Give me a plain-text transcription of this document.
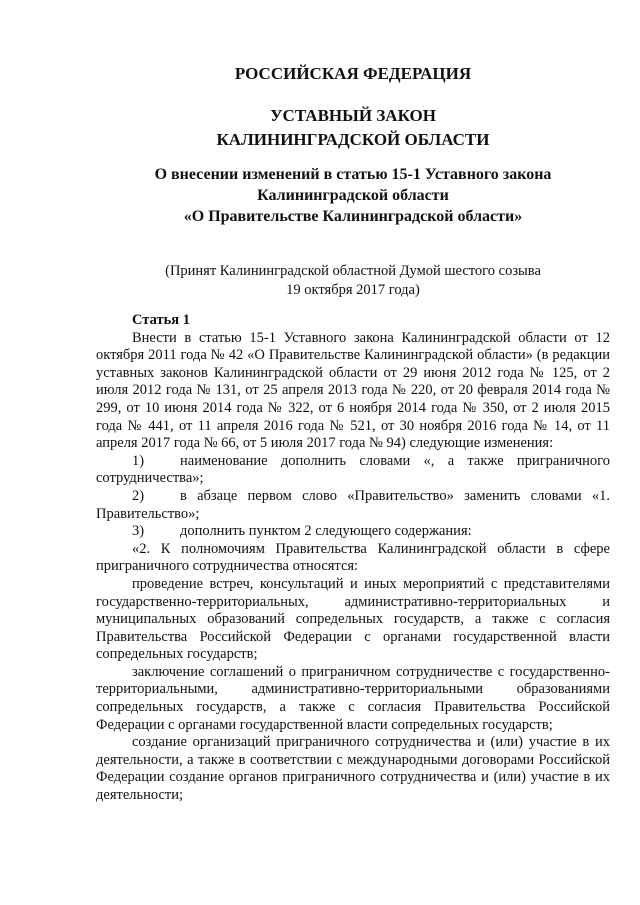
РОССИЙСКАЯ ФЕДЕРАЦИЯ
УСТАВНЫЙ ЗАКОН
КАЛИНИНГРАДСКОЙ ОБЛАСТИ
О внесении изменений в статью 15-1 Уставного закона
Калининградской области
«О Правительстве Калининградской области»
(Принят Калининградской областной Думой шестого созыва
19 октября 2017 года)
Статья 1

Внести в статью 15-1 Уставного закона Калининградской области от 12 октября 2011 года № 42 «О Правительстве Калининградской области» (в редакции уставных законов Калининградской области от 29 июня 2012 года № 125, от 2 июля 2012 года № 131, от 25 апреля 2013 года № 220, от 20 февраля 2014 года № 299, от 10 июня 2014 года № 322, от 6 ноября 2014 года № 350, от 2 июля 2015 года № 441, от 11 апреля 2016 года № 521, от 30 ноября 2016 года № 14, от 11 апреля 2017 года № 66, от 5 июля 2017 года № 94) следующие изменения:

1) наименование дополнить словами «, а также приграничного сотрудничества»;

2) в абзаце первом слово «Правительство» заменить словами «1. Правительство»;

3) дополнить пунктом 2 следующего содержания:

«2. К полномочиям Правительства Калининградской области в сфере приграничного сотрудничества относятся:

проведение встреч, консультаций и иных мероприятий с представителями государственно-территориальных, административно-территориальных и муниципальных образований сопредельных государств, а также с согласия Правительства Российской Федерации с органами государственной власти сопредельных государств;

заключение соглашений о приграничном сотрудничестве с государственно-территориальными, административно-территориальными образованиями сопредельных государств, а также с согласия Правительства Российской Федерации с органами государственной власти сопредельных государств;

создание организаций приграничного сотрудничества и (или) участие в их деятельности, а также в соответствии с международными договорами Российской Федерации создание органов приграничного сотрудничества и (или) участие в их деятельности;
